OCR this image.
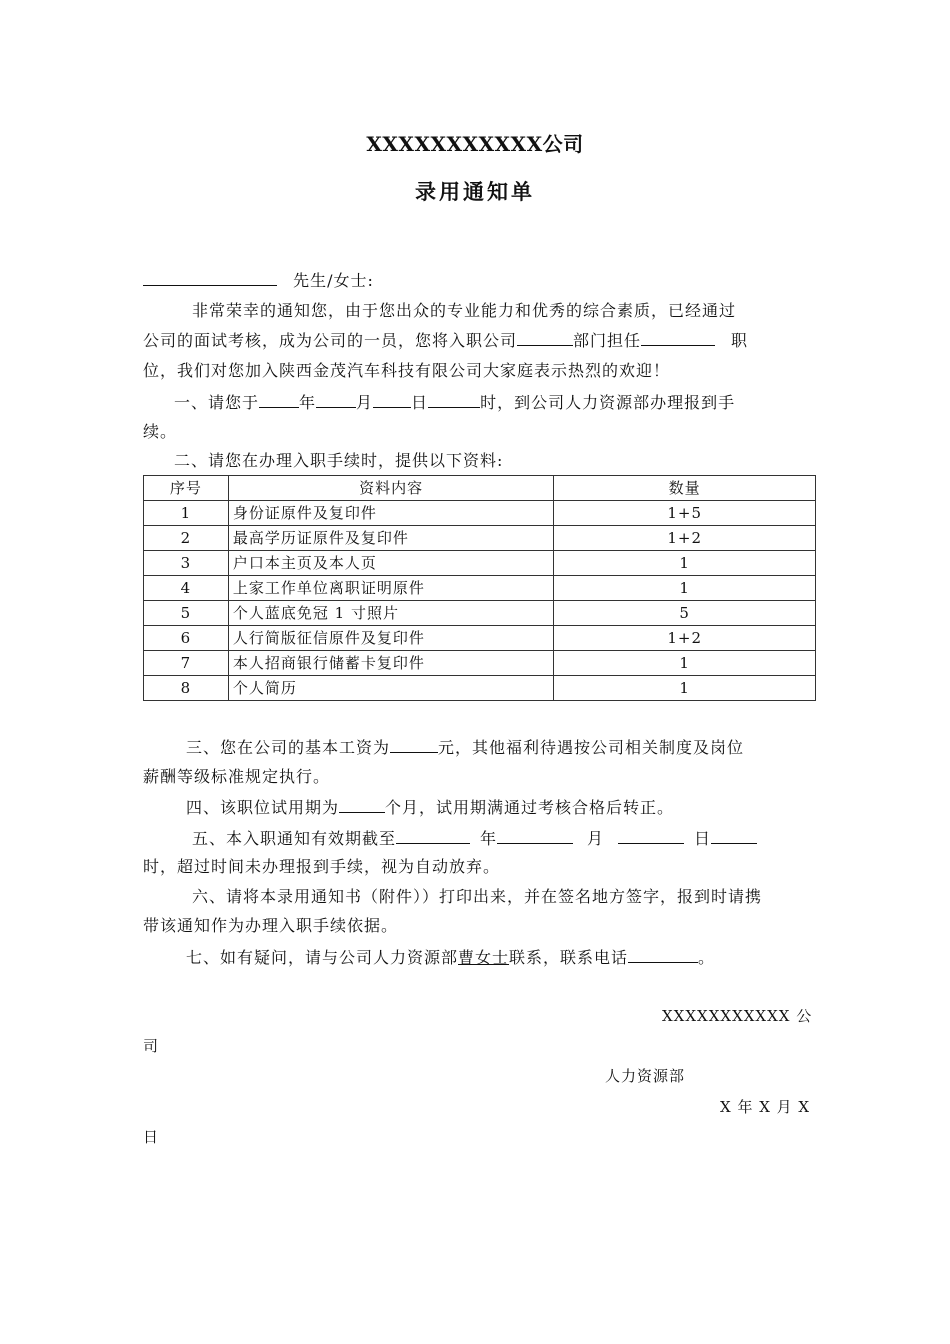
XXXXXXXXXXX公司
录用通知单
先生/女士:
非常荣幸的通知您，由于您出众的专业能力和优秀的综合素质，已经通过
公司的面试考核，成为公司的一员，您将入职公司	部门担任	职
位，我们对您加入陕西金茂汽车科技有限公司大家庭表示热烈的欢迎！
一、请您于	年	月 日	时，到公司人力资源部办理报到手
续。
二、请您在办理入职手续时，提供以下资料:
序号	资料内容	数量
1	身份证原件及复印件	1+5
2	最高学历证原件及复印件	1+2
3	户口本主页及本人页	1
4	上家工作单位离职证明原件	1
5	个人蓝底免冠 1 寸照片	5
6	人行简版征信原件及复印件	1+2
7	本人招商银行储蓄卡复印件	1
8	个人简历	1
三、您在公司的基本工资为	元，其他福利待遇按公司相关制度及岗位
薪酬等级标准规定执行。
四、该职位试用期为	个月，试用期满通过考核合格后转正。
五、本入职通知有效期截至	年	月	日
时，超过时间未办理报到手续，视为自动放弃。
六、请将本录用通知书（附件））打印出来，并在签名地方签字，报到时请携
带该通知作为办理入职手续依据。
七、如有疑问，请与公司人力资源部曹女士联系，联系电话	。
XXXXXXXXXXX 公
司
人力资源部
X 年 X 月 X
日
